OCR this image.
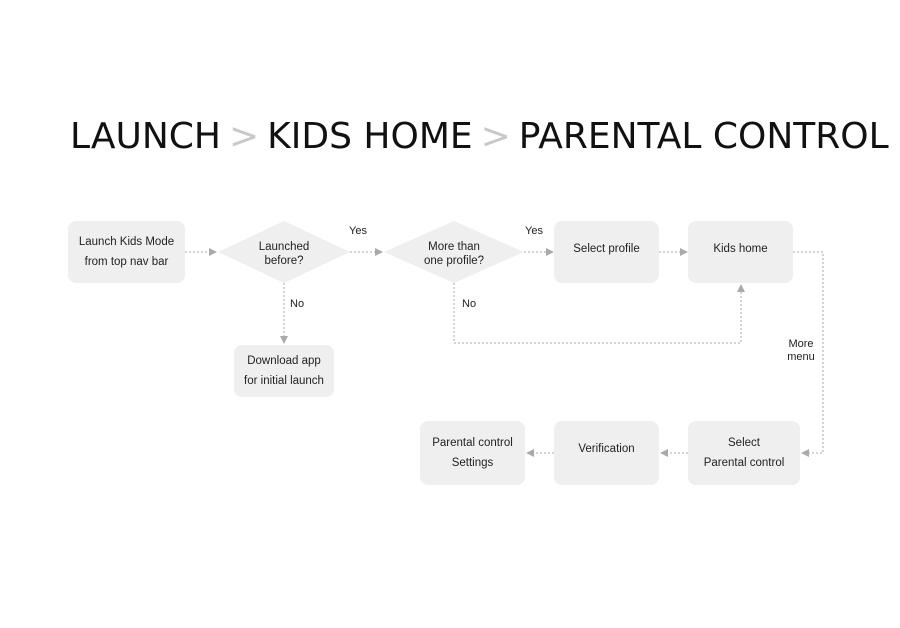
LAUNCH > KIDS HOME > PARENTAL CONTROL
Launch Kids Mode
from top nav bar
Launched
before?
More than
one profile?
Select profile	Kids home
Download app
for initial launch
Select
Parental control
Verification
Parental control
Settings
Yes	Yes
No	No
More
menu
